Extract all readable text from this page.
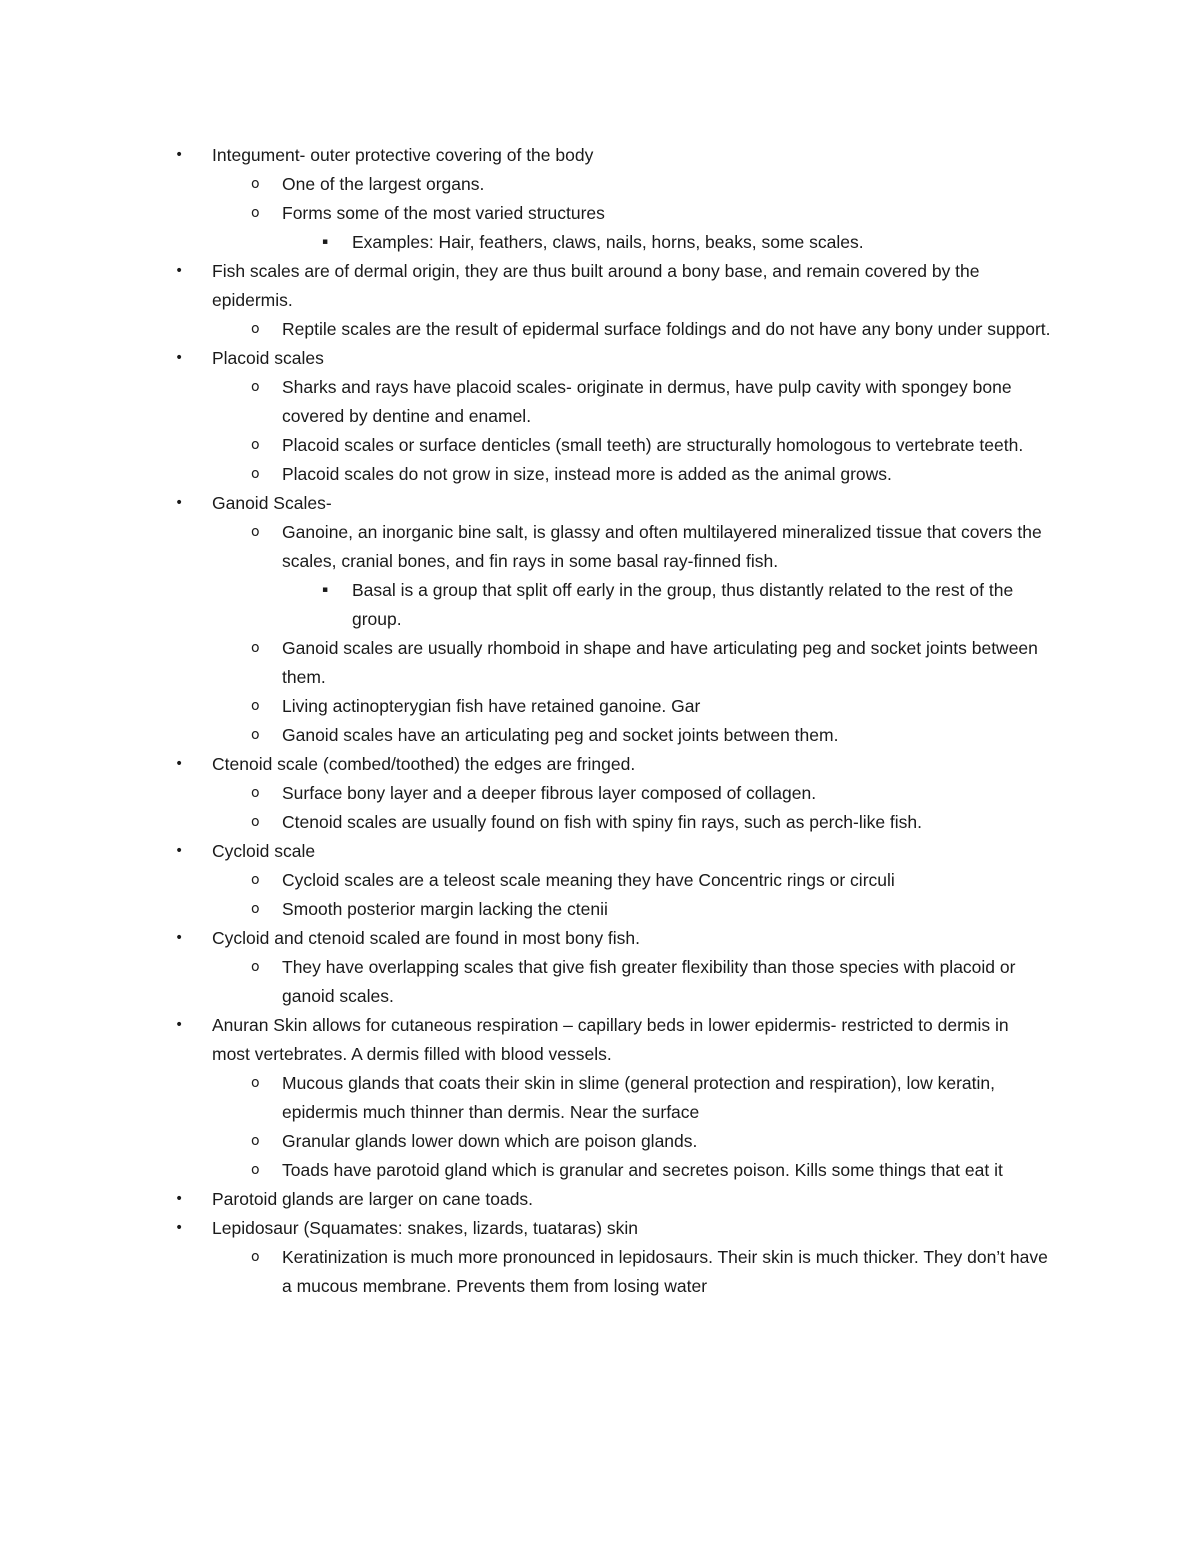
• Integument- outer protective covering of the body
o One of the largest organs.
o Forms some of the most varied structures
▪ Examples: Hair, feathers, claws, nails, horns, beaks, some scales.
• Fish scales are of dermal origin, they are thus built around a bony base, and remain covered by the epidermis.
o Reptile scales are the result of epidermal surface foldings and do not have any bony under support.
• Placoid scales
o Sharks and rays have placoid scales- originate in dermus, have pulp cavity with spongey bone covered by dentine and enamel.
o Placoid scales or surface denticles (small teeth) are structurally homologous to vertebrate teeth.
o Placoid scales do not grow in size, instead more is added as the animal grows.
• Ganoid Scales-
o Ganoine, an inorganic bine salt, is glassy and often multilayered mineralized tissue that covers the scales, cranial bones, and fin rays in some basal ray-finned fish.
▪ Basal is a group that split off early in the group, thus distantly related to the rest of the group.
o Ganoid scales are usually rhomboid in shape and have articulating peg and socket joints between them.
o Living actinopterygian fish have retained ganoine. Gar
o Ganoid scales have an articulating peg and socket joints between them.
• Ctenoid scale (combed/toothed) the edges are fringed.
o Surface bony layer and a deeper fibrous layer composed of collagen.
o Ctenoid scales are usually found on fish with spiny fin rays, such as perch-like fish.
• Cycloid scale
o Cycloid scales are a teleost scale meaning they have Concentric rings or circuli
o Smooth posterior margin lacking the ctenii
• Cycloid and ctenoid scaled are found in most bony fish.
o They have overlapping scales that give fish greater flexibility than those species with placoid or ganoid scales.
• Anuran Skin allows for cutaneous respiration – capillary beds in lower epidermis- restricted to dermis in most vertebrates. A dermis filled with blood vessels.
o Mucous glands that coats their skin in slime (general protection and respiration), low keratin, epidermis much thinner than dermis. Near the surface
o Granular glands lower down which are poison glands.
o Toads have parotoid gland which is granular and secretes poison. Kills some things that eat it
• Parotoid glands are larger on cane toads.
• Lepidosaur (Squamates: snakes, lizards, tuataras) skin
o Keratinization is much more pronounced in lepidosaurs. Their skin is much thicker. They don’t have a mucous membrane. Prevents them from losing water
